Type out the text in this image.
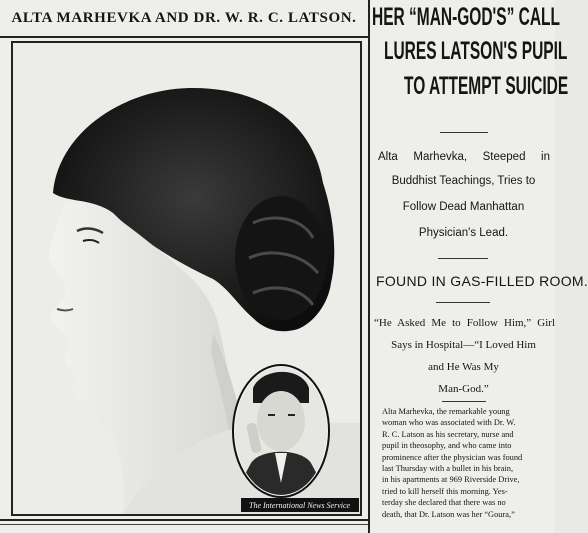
ALTA MARHEVKA AND DR. W. R. C. LATSON.
The International News Service
HER “MAN-GOD'S” CALL
LURES LATSON'S PUPIL
TO ATTEMPT SUICIDE
Alta Marhevka, Steeped in
Buddhist Teachings, Tries to
Follow Dead Manhattan
Physician's Lead.
FOUND IN GAS-FILLED ROOM.
“He Asked Me to Follow Him,” Girl
Says in Hospital—“I Loved Him
and He Was My
Man-God.”
Alta Marhevka, the remarkable young
woman who was associated with Dr. W.
R. C. Latson as his secretary, nurse and
pupil in theosophy, and who came into
prominence after the physician was found
last Thursday with a bullet in his brain,
in his apartments at 969 Riverside Drive,
tried to kill herself this morning. Yes-
terday she declared that there was no
death, that Dr. Latson was her “Goura,”
